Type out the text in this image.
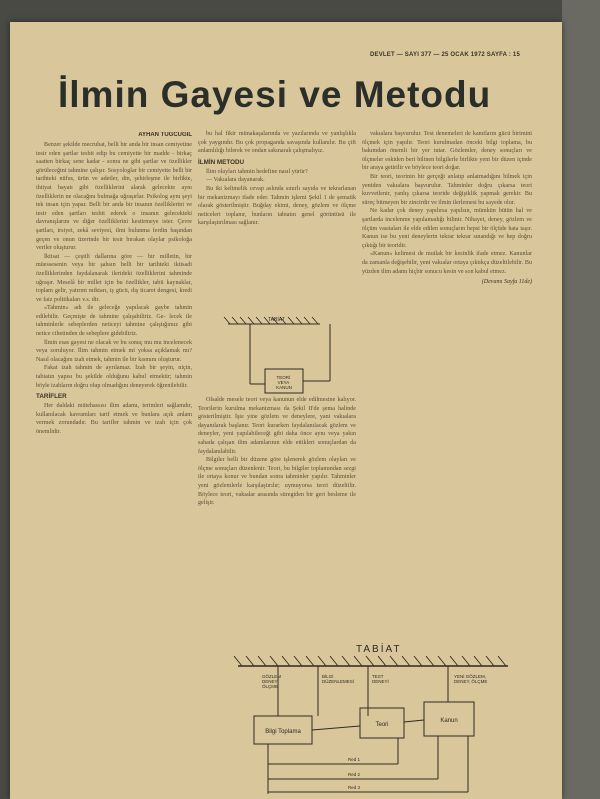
DEVLET — SAYI 377 — 25 OCAK 1972 SAYFA : 15
İlmin Gayesi ve Metodu
AYHAN TUĞCUGİL

Benzer şekilde mecrubat, belli bir anda bir insan cemiyetine tesir eden şartlar tesbit edip bu cemiyette bir madde - birkaç saatten birkaç sene kadar - sonra ne gibi şartlar ve özellikler görüleceğini tahmine çalışır. Sosyologlar bir cemiyette belli bir tarihteki nüfus, ürün ve adetler, din, şehirleşme ile birlikte, ihtiyat hayatı gibi özelliklerini alarak gelecekte aynı özelliklerin ne olacağını bulmağa uğraşırlar. Psikolog aynı şeyi tek insan için yapar. Belli bir anda bir insanın özelliklerini ve tesir eden şartları tesbit ederek o insanın gelecekteki davranışlarını ve diğer özelliklerini kestirmeye ister. Çevre şartları, irsiyet, zekâ seviyesi, ilmi bulunma ferdin başından geçen ve onun üzerinde bir tesir bırakan olaylar psikoloğa veriler oluşturur.

İktisat — çeşitli dallarına göre — bir milletin, bir müessesenin veya bir şahsın belli bir tarihteki iktisadi özelliklerinden faydalanarak ilerideki özelliklerini tahminde uğraşır. Meselâ bir millet için bu özellikler, tabii kaynaklar, toplam gelir, yatırım miktarı, iş gücü, dış ticaret dengesi, kredi ve faiz politikaları v.s. dir.

«Tahmin» adı ile geleceğe yapılacak gaybe tahmin edilebilir. Geçmişte de tahmine çalışabiliriz. Ge- lecek ile tahminlerle sebeplerden neticeyi tahmine çalıştığımız gibi netice cihetinden de sebeplere gidebiliriz.

İlmin esas gayesi ne olacak ve bu sonuç mu mu incelenecek veya soruluyor. İlim tahmin etmek mi yoksa açıklamak mı? Nasıl olacağını izah etmek, tahmin ile bir kısmını oluşturur.

Fakat izah tahmin de ayrılamaz. İzah bir şeyin, niçin, tabiatın yapısı bu şekilde olduğunu kabul etmektir; tahmin böyle izahların doğru olup olmadığını deneyerek öğrenilebilir.

TARİFLER

Her daldaki mütehassısı ilim adamı, terimleri sağlamdır, kullanılacak kavramları tarif etmek ve bunlara açık anlam vermek zorundadır. Bu tarifler tahmin ve izah için çok önemlidir.

bu hal fikir münakaşalarında ve yazılarında ve yanlışlıkla çok yaygındır. Bu çok propaganda savaşında kullanılır. Bu çift anlamlılığı bilerek ve ondan sakınarak çalışmalıyız.

İLMİN METODU

İlim olayları tahmin hedefine nasıl yürür?

— Vakıalara dayanarak.

Bu iki kelimelik cevap aslında sınırlı sayıda ve tekrarlanan bir mekanizmayı ifade eder. Tahmin işlemi Şekil 1 de şematik olarak gösterilmiştir. Buğday ekimi, deney, gözlem ve ölçme neticeleri toplanır, bunların tabiatın genel görüntüsü ile karşılaştırılması sağlanır.

TABİAT
TEORİ VEYA KANUN

Olsalde mesele teori veya kanunun elde edilmesine kalıyor. Teorilerin kurulma mekanizması da Şekil II'de şema halinde gösterilmiştir. İşte yine gözlem ve deneylere, yani vakıalara dayanılarak başlanır. Teori kurarken faydalanılacak gözlem ve deneyler, yeni yapılabileceği gibi daha önce aynı veya yakın sahada çalışan ilim adamlarının elde ettikleri sonuçlardan da faydalanılabilir.

Bilgiler belli bir düzene göre işlenerek gözlem olayları ve ölçme sonuçları düzenlenir. Teori, bu bilgiler toplamından sezgi ile ortaya konur ve bundan sonra tahminler yapılır. Tahminler yeni gözlemlerle karşılaştırılır; uymuyorsa teori düzeltilir. Böylece teori, vakıalar arasında süregiden bir geri besleme ile gelişir.

vakıalara başvurulur. Test denemeleri de kanıtların gücü birimini ölçmek için yapılır. Teori kurulmadan önceki bilgi toplama, bu bakımdan önemli bir yer tutar. Gözlemler, deney sonuçları ve ölçmeler eskiden beri bilinen bilgilerle birlikte yeni bir düzen içinde bir araya getirilir ve böylece teori doğar.

Bir teori, teorinin bir gerçeği anlatıp anlatmadığını bilmek için yeniden vakıalara başvurulur. Tahminler doğru çıkarsa teori kuvvetlenir, yanlış çıkarsa teoride değişiklik yapmak gerekir. Bu süreç bitmeyen bir zincirdir ve ilmin ilerlemesi bu sayede olur.

Ne kadar çok deney yapılırsa yapılsın, mümkün bütün hal ve şartlarda incelenme yapılamadığı bilinir. Nihayet, deney, gözlem ve ölçüm vasıtaları ile elde edilen sonuçların hepsi bir ölçüde hata taşır. Kanun ise bu yeni deneylerin tekrar tekrar sınandığı ve hep doğru çıktığı bir teoridir.

«Kanun» kelimesi de mutlak bir kesinlik ifade etmez. Kanunlar da zamanla değişebilir, yeni vakıalar ortaya çıktıkça düzeltilebilir. Bu yüzden ilim adamı hiçbir sonucu kesin ve son kabul etmez.

(Devamı Sayfa 11de)
TABİAT
GÖZLEM DENEY ÖLÇME
BİLGİ DÜZENLEMESİ
TEST DENEYİ
YENİ GÖZLEM, DENEY, ÖLÇME
Bilgi Toplama
Teori
Kanun
Red 1
Red 2
Red 3
